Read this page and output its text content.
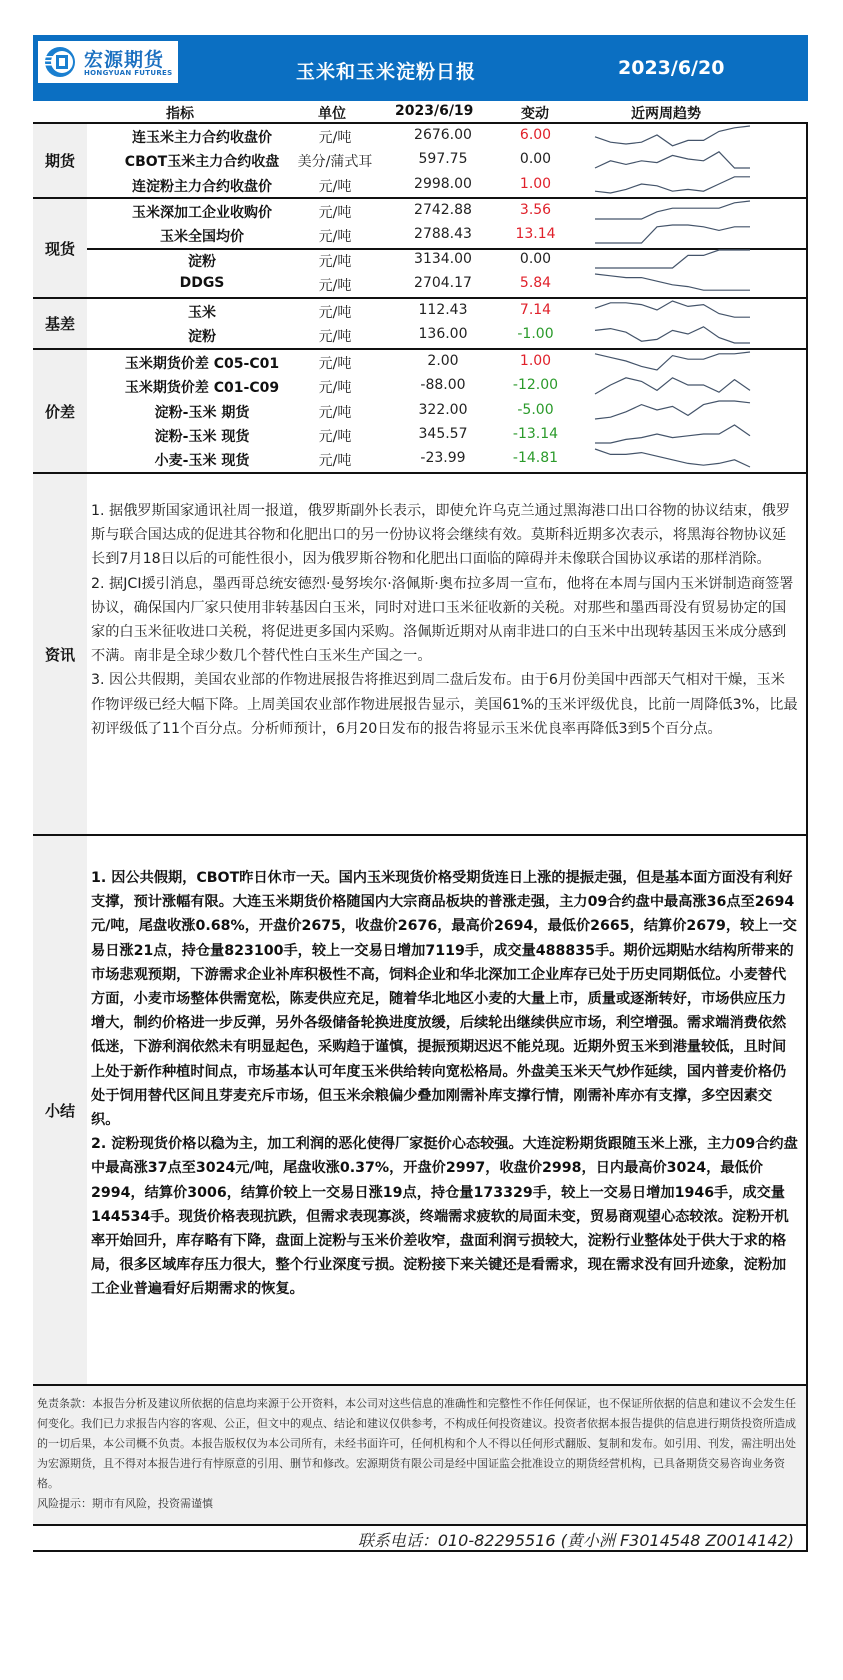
宏源期货
HONGYUAN FUTURES	玉米和玉米淀粉日报	2023/6/20
指标	单位	2023/6/19	变动	近两周趋势
期货
连玉米主力合约收盘价	元/吨	2676.00	6.00
CBOT玉米主力合约收盘	美分/蒲式耳	597.75	0.00
连淀粉主力合约收盘价	元/吨	2998.00	1.00
现货
玉米深加工企业收购价	元/吨	2742.88	3.56
玉米全国均价	元/吨	2788.43	13.14
淀粉	元/吨	3134.00	0.00
DDGS	元/吨	2704.17	5.84
基差
玉米	元/吨	112.43	7.14
淀粉	元/吨	136.00	-1.00
价差
玉米期货价差 C05-C01	元/吨	2.00	1.00
玉米期货价差 C01-C09	元/吨	-88.00	-12.00
淀粉-玉米 期货	元/吨	322.00	-5.00
淀粉-玉米 现货	元/吨	345.57	-13.14
小麦-玉米 现货	元/吨	-23.99	-14.81
资讯

1. 据俄罗斯国家通讯社周一报道，俄罗斯副外长表示，即使允许乌克兰通过黑海港口出口谷物的协议结束，俄罗斯与联合国达成的促进其谷物和化肥出口的另一份协议将会继续有效。莫斯科近期多次表示，将黑海谷物协议延长到7月18日以后的可能性很小，因为俄罗斯谷物和化肥出口面临的障碍并未像联合国协议承诺的那样消除。

2. 据JCI援引消息，墨西哥总统安德烈·曼努埃尔·洛佩斯·奥布拉多周一宣布，他将在本周与国内玉米饼制造商签署协议，确保国内厂家只使用非转基因白玉米，同时对进口玉米征收新的关税。对那些和墨西哥没有贸易协定的国家的白玉米征收进口关税，将促进更多国内采购。洛佩斯近期对从南非进口的白玉米中出现转基因玉米成分感到不满。南非是全球少数几个替代性白玉米生产国之一。

3. 因公共假期，美国农业部的作物进展报告将推迟到周二盘后发布。由于6月份美国中西部天气相对干燥，玉米作物评级已经大幅下降。上周美国农业部作物进展报告显示，美国61%的玉米评级优良，比前一周降低3%，比最初评级低了11个百分点。分析师预计，6月20日发布的报告将显示玉米优良率再降低3到5个百分点。

小结

1. 因公共假期，CBOT昨日休市一天。国内玉米现货价格受期货连日上涨的提振走强，但是基本面方面没有利好支撑，预计涨幅有限。大连玉米期货价格随国内大宗商品板块的普涨走强，主力09合约盘中最高涨36点至2694元/吨，尾盘收涨0.68%，开盘价2675，收盘价2676，最高价2694，最低价2665，结算价2679，较上一交易日涨21点，持仓量823100手，较上一交易日增加7119手，成交量488835手。期价远期贴水结构所带来的市场悲观预期，下游需求企业补库积极性不高，饲料企业和华北深加工企业库存已处于历史同期低位。小麦替代方面，小麦市场整体供需宽松，陈麦供应充足，随着华北地区小麦的大量上市，质量或逐渐转好，市场供应压力增大，制约价格进一步反弹，另外各级储备轮换进度放缓，后续轮出继续供应市场，利空增强。需求端消费依然低迷，下游利润依然未有明显起色，采购趋于谨慎，提振预期迟迟不能兑现。近期外贸玉米到港量较低，且时间上处于新作种植时间点，市场基本认可年度玉米供给转向宽松格局。外盘美玉米天气炒作延续，国内普麦价格仍处于饲用替代区间且芽麦充斥市场，但玉米余粮偏少叠加刚需补库支撑行情，刚需补库亦有支撑，多空因素交织。

2. 淀粉现货价格以稳为主，加工利润的恶化使得厂家挺价心态较强。大连淀粉期货跟随玉米上涨，主力09合约盘中最高涨37点至3024元/吨，尾盘收涨0.37%，开盘价2997，收盘价2998，日内最高价3024，最低价2994，结算价3006，结算价较上一交易日涨19点，持仓量173329手，较上一交易日增加1946手，成交量144534手。现货价格表现抗跌，但需求表现寡淡，终端需求疲软的局面未变，贸易商观望心态较浓。淀粉开机率开始回升，库存略有下降，盘面上淀粉与玉米价差收窄，盘面利润亏损较大，淀粉行业整体处于供大于求的格局，很多区域库存压力很大，整个行业深度亏损。淀粉接下来关键还是看需求，现在需求没有回升迹象，淀粉加工企业普遍看好后期需求的恢复。

免责条款：本报告分析及建议所依据的信息均来源于公开资料，本公司对这些信息的准确性和完整性不作任何保证，也不保证所依据的信息和建议不会发生任何变化。我们已力求报告内容的客观、公正，但文中的观点、结论和建议仅供参考，不构成任何投资建议。投资者依据本报告提供的信息进行期货投资所造成的一切后果，本公司概不负责。本报告版权仅为本公司所有，未经书面许可，任何机构和个人不得以任何形式翻版、复制和发布。如引用、刊发，需注明出处为宏源期货，且不得对本报告进行有悖原意的引用、删节和修改。宏源期货有限公司是经中国证监会批准设立的期货经营机构，已具备期货交易咨询业务资格。

风险提示：期市有风险，投资需谨慎

联系电话：010-82295516 (黄小洲 F3014548 Z0014142)
